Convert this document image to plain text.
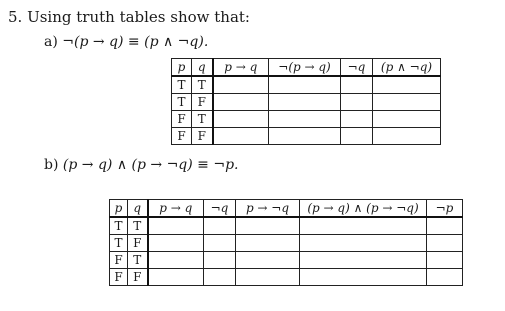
5. Using truth tables show that:
a) ¬(p → q) ≡ (p ∧ ¬q).
p	q	p → q	¬(p → q)	¬q	(p ∧ ¬q)
T	T				
T	F				
F	T				
F	F				
b) (p → q) ∧ (p → ¬q) ≡ ¬p.
p	q	p → q	¬q	p → ¬q	(p → q) ∧ (p → ¬q)	¬p
T	T					
T	F					
F	T					
F	F					
